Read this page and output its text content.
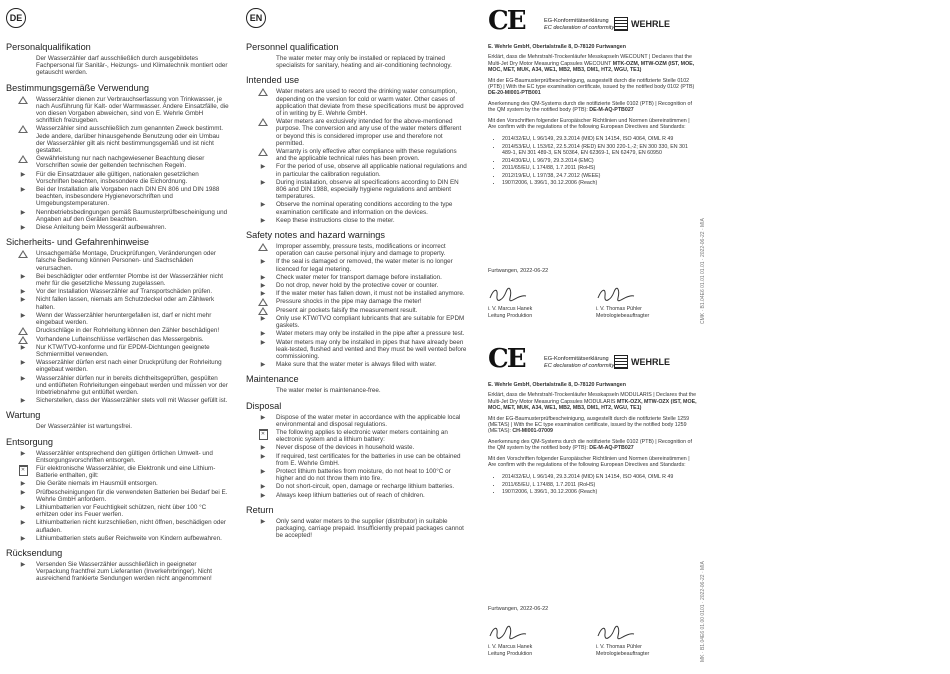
DE
Personalqualifikation
Der Wasserzähler darf ausschließlich durch ausgebildetes Fachpersonal für Sanitär-, Heizungs- und Klimatechnik montiert oder getauscht werden.
Bestimmungsgemäße Verwendung
Wasserzähler dienen zur Verbrauchserfassung von Trinkwasser, je nach Ausführung für Kalt- oder Warmwasser. Andere Einsatzfälle, die von diesen Vorgaben abweichen, sind von E. Wehrle GmbH schriftlich freizugeben.
Wasserzähler sind ausschließlich zum genannten Zweck bestimmt. Jede andere, darüber hinausgehende Benutzung oder ein Umbau der Wasserzähler gilt als nicht bestimmungsgemäß und ist nicht gestattet.
Gewährleistung nur nach nachgewiesener Beachtung dieser Vorschriften sowie der geltenden technischen Regeln.
▶	Für die Einsatzdauer alle gültigen, nationalen gesetzlichen Vorschriften beachten, insbesondere die Eichordnung.
▶	Bei der Installation alle Vorgaben nach DIN EN 806 und DIN 1988 beachten, insbesondere Hygienevorschriften und Umgebungstemperaturen.
▶	Nennbetriebsbedingungen gemäß Baumusterprüfbescheinigung und Angaben auf den Geräten beachten.
▶	Diese Anleitung beim Messgerät aufbewahren.
Sicherheits- und Gefahrenhinweise
Unsachgemäße Montage, Druckprüfungen, Veränderungen oder falsche Bedienung können Personen- und Sachschäden verursachen.
▶	Bei beschädigter oder entfernter Plombe ist der Wasserzähler nicht mehr für die gesetzliche Messung zugelassen.
▶	Vor der Installation Wasserzähler auf Transportschäden prüfen.
▶	Nicht fallen lassen, niemals am Schutzdeckel oder am Zählwerk halten.
▶	Wenn der Wasserzähler heruntergefallen ist, darf er nicht mehr eingebaut werden.
Druckschläge in der Rohrleitung können den Zähler beschädigen!
Vorhandene Lufteinschlüsse verfälschen das Messergebnis.
▶	Nur KTW/TVO-konforme und für EPDM-Dichtungen geeignete Schmiermittel verwenden.
▶	Wasserzähler dürfen erst nach einer Druckprüfung der Rohrleitung eingebaut werden.
▶	Wasserzähler dürfen nur in bereits dichtheitsgeprüften, gespülten und entlüfteten Rohrleitungen eingebaut werden und müssen vor der Inbetriebnahme gut entlüftet werden.
▶	Sicherstellen, dass der Wasserzähler stets voll mit Wasser gefüllt ist.
Wartung
Der Wasserzähler ist wartungsfrei.
Entsorgung
▶	Wasserzähler entsprechend den gültigen örtlichen Umwelt- und Entsorgungsvorschriften entsorgen.
✕	Für elektronische Wasserzähler, die Elektronik und eine Lithium-Batterie enthalten, gilt:
▶	Die Geräte niemals im Hausmüll entsorgen.
▶	Prüfbescheinigungen für die verwendeten Batterien bei Bedarf bei E. Wehrle GmbH anfordern.
▶	Lithiumbatterien vor Feuchtigkeit schützen, nicht über 100 °C erhitzen oder ins Feuer werfen.
▶	Lithiumbatterien nicht kurzschließen, nicht öffnen, beschädigen oder aufladen.
▶	Lithiumbatterien stets außer Reichweite von Kindern aufbewahren.
Rücksendung
▶	Versenden Sie Wasserzähler ausschließlich in geeigneter Verpackung frachtfrei zum Lieferanten (Inverkehrbringer). Nicht ausreichend frankierte Sendungen werden nicht angenommen!
EN
Personnel qualification
The water meter may only be installed or replaced by trained specialists for sanitary, heating and air-conditioning technology.
Intended use
Water meters are used to record the drinking water consumption, depending on the version for cold or warm water. Other cases of application that deviate from these specifications must be approved of in writing by E. Wehrle GmbH.
Water meters are exclusively intended for the above-mentioned purpose. The conversion and any use of the water meters different or beyond this is considered improper use and therefore not permitted.
Warranty is only effective after compliance with these regulations and the applicable technical rules has been proven.
▶	For the period of use, observe all applicable national regulations and in particular the calibration regulation.
▶	During installation, observe all specifications according to DIN EN 806 and DIN 1988, especially hygiene regulations and ambient temperatures.
▶	Observe the nominal operating conditions according to the type examination certificate and information on the devices.
▶	Keep these instructions close to the meter.
Safety notes and hazard warnings
Improper assembly, pressure tests, modifications or incorrect operation can cause personal injury and damage to property.
▶	If the seal is damaged or removed, the water meter is no longer licenced for legal metering.
▶	Check water meter for transport damage before installation.
▶	Do not drop, never hold by the protective cover or counter.
▶	If the water meter has fallen down, it must not be installed anymore.
Pressure shocks in the pipe may damage the meter!
Present air pockets falsify the measurement result.
▶	Only use KTW/TVO compliant lubricants that are suitable for EPDM gaskets.
▶	Water meters may only be installed in the pipe after a pressure test.
▶	Water meters may only be installed in pipes that have already been leak-tested, flushed and vented and they must be well vented before commissioning.
▶	Make sure that the water meter is always filled with water.
Maintenance
The water meter is maintenance-free.
Disposal
▶	Dispose of the water meter in accordance with the applicable local environmental and disposal regulations.
✕	The following applies to electronic water meters containing an electronic system and a lithium battery:
▶	Never dispose of the devices in household waste.
▶	If required, test certificates for the batteries in use can be obtained from E. Wehrle GmbH.
▶	Protect lithium batteries from moisture, do not heat to 100°C or higher and do not throw them into fire.
▶	Do not short-circuit, open, damage or recharge lithium batteries.
▶	Always keep lithium batteries out of reach of children.
Return
▶	Only send water meters to the supplier (distributor) in suitable packaging, carriage prepaid. Insufficiently prepaid packages cannot be accepted!
CE	EG-Konformitätserklärung
EC declaration of conformity WEHRLE

E. Wehrle GmbH, Obertalstraße 8, D-78120 Furtwangen

Erklärt, dass die Mehrstrahl-Trockenläufer Messkapseln WECOUNT | Declares that the Multi-Jet Dry Motor Measuring Capsules WECOUNT MTK-OZM, MTW-OZM (IST, MOE, MOC, MET, MUK, A34, WE1, MB2, MB3, DM1, HT2, WGU, TE1)

Mit der EG-Baumusterprüfbescheinigung, ausgestellt durch die notifizierte Stelle 0102 (PTB) | With the EC type examination certificate, issued by the notified body 0102 (PTB) DE-20-MI001-PTB001

Anerkennung des QM-Systems durch die notifizierte Stelle 0102 (PTB) | Recognition of the QM system by the notified body (PTB): DE-M-AQ-PTB027

Mit den Vorschriften folgender Europäischer Richtlinien und Normen übereinstimmen | Are confirm with the regulations of the following European Directives and Standards:

• 2014/32/EU, L 96/149, 29.3.2014 (MID) EN 14154, ISO 4064, OIML R 49
• 2014/53/EU, L 153/62, 22.5.2014 (RED) EN 300 220-1,-2; EN 300 330, EN 301 489-1, EN 301 489-3, EN 50364, EN 62369-1, EN 62479, EN 60950
• 2014/30/EU, L 96/79, 29.3.2014 (EMC)
• 2011/65/EU, L 174/88, 1.7.2011 (RoHS)
• 2012/19/EU, L 197/38, 24.7.2012 (WEEE)
• 1907/2006, L 396/1, 30.12.2006 (Reach)
Furtwangen, 2022-06-22
i. V. Marcus Hanek
Leitung Produktion
i. V. Thomas Pühler
Metrologiebeauftragter	CMK · B1.04E6 01.01 01.01 · 2022-06-22 · MIA
CE	EG-Konformitätserklärung
EC declaration of conformity WEHRLE

E. Wehrle GmbH, Obertalstraße 8, D-78120 Furtwangen

Erklärt, dass die Mehrstrahl-Trockenläufer Messkapseln MODULARIS | Declares that the Multi-Jet Dry Motor Measuring Capsules MODULARIS MTK-OZX, MTW-OZX (IST, MOE, MOC, MET, MUK, A34, WE1, MB2, MB3, DM1, HT2, WGU, TE1)

Mit der EG-Baumusterprüfbescheinigung, ausgestellt durch die notifizierte Stelle 1259 (METAS) | With the EC type examination certificate, issued by the notified body 1259 (METAS): CH-MI001-07009

Anerkennung des QM-Systems durch die notifizierte Stelle 0102 (PTB) | Recognition of the QM system by the notified body (PTB): DE-M-AQ-PTB027

Mit den Vorschriften folgender Europäischer Richtlinien und Normen übereinstimmen | Are confirm with the regulations of the following European Directives and Standards:

• 2014/32/EU, L 96/149, 29.3.2014 (MID) EN 14154, ISO 4064, OIML R 49
• 2011/65/EU, L 174/88, 1.7.2011 (RoHS)
• 1907/2006, L 396/1, 30.12.2006 (Reach)
Furtwangen, 2022-06-22
i. V. Marcus Hanek
Leitung Produktion
i. V. Thomas Pühler
Metrologiebeauftragter	MK · B1.04E6 01.00 0101 · 2022-06-22 · MIA
